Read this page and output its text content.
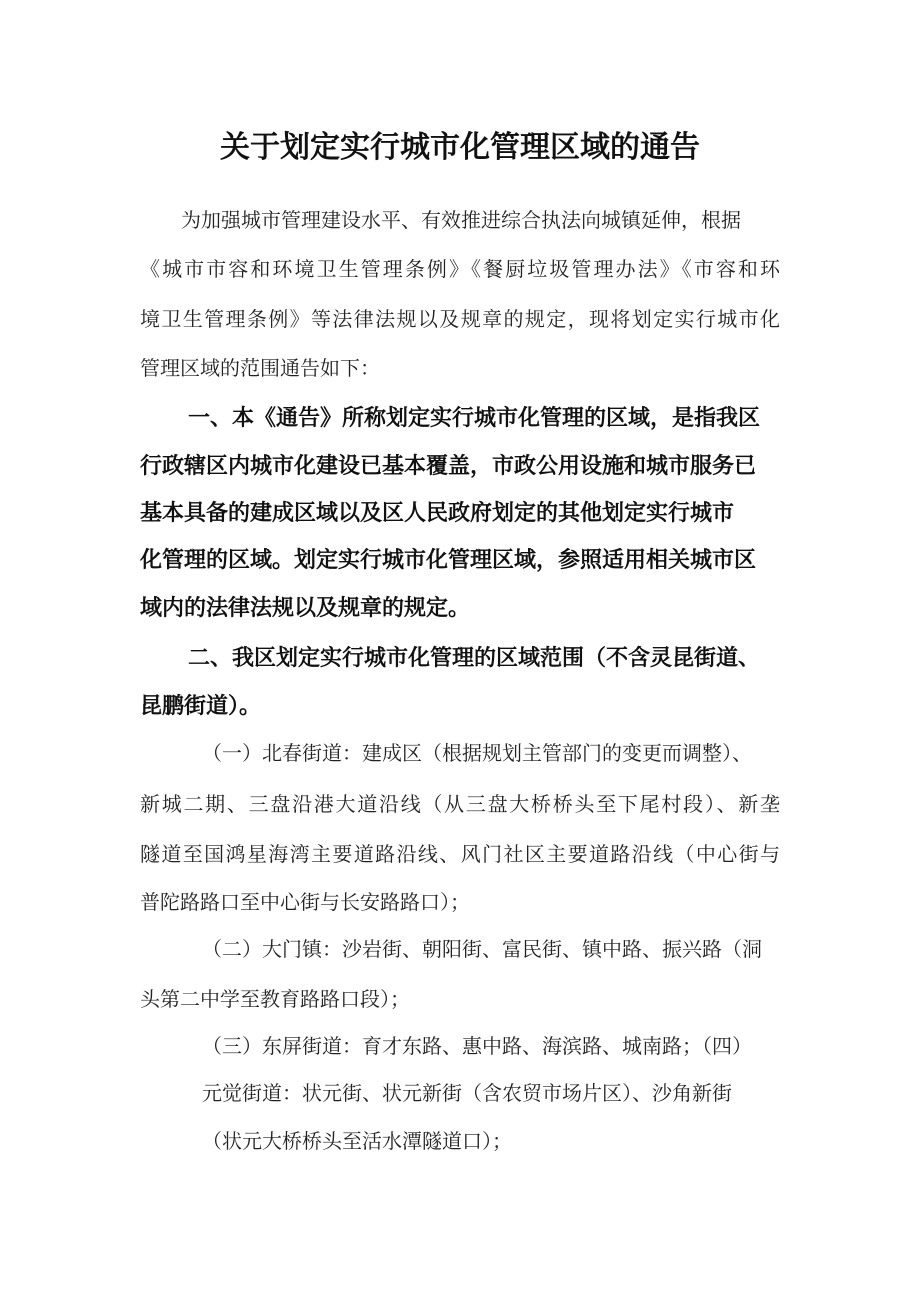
关于划定实行城市化管理区域的通告
为加强城市管理建设水平、有效推进综合执法向城镇延伸，根据
《城市市容和环境卫生管理条例》《餐厨垃圾管理办法》《市容和环
境卫生管理条例》等法律法规以及规章的规定，现将划定实行城市化
管理区域的范围通告如下：
一、本《通告》所称划定实行城市化管理的区域，是指我区
行政辖区内城市化建设已基本覆盖，市政公用设施和城市服务已
基本具备的建成区域以及区人民政府划定的其他划定实行城市
化管理的区域。划定实行城市化管理区域，参照适用相关城市区
域内的法律法规以及规章的规定。
二、我区划定实行城市化管理的区域范围（不含灵昆街道、
昆鹏街道）。
（一）北春街道：建成区（根据规划主管部门的变更而调整）、
新城二期、三盘沿港大道沿线（从三盘大桥桥头至下尾村段）、新垄
隧道至国鸿星海湾主要道路沿线、风门社区主要道路沿线（中心街与
普陀路路口至中心街与长安路路口）；
（二）大门镇：沙岩街、朝阳街、富民街、镇中路、振兴路（洞
头第二中学至教育路路口段）；
（三）东屏街道：育才东路、惠中路、海滨路、城南路；（四）
元觉街道：状元街、状元新街（含农贸市场片区）、沙角新街
（状元大桥桥头至活水潭隧道口）；
